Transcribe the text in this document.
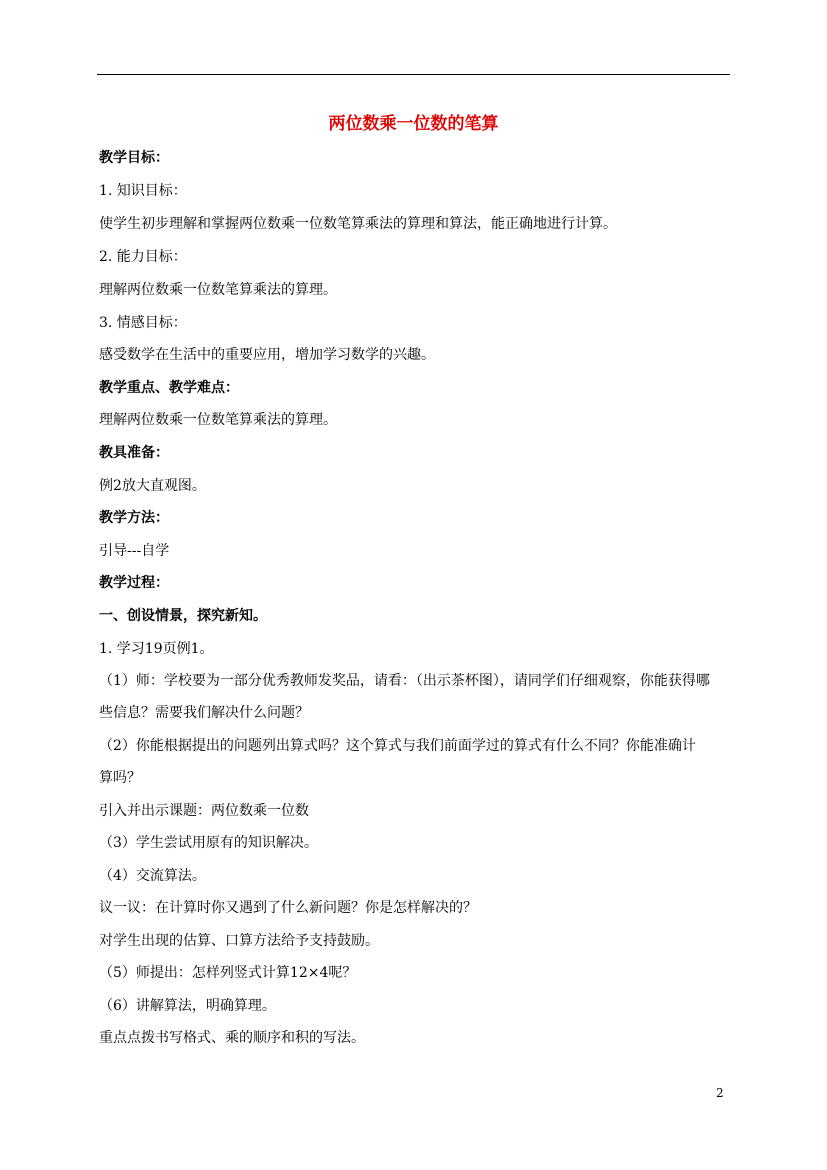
两位数乘一位数的笔算
教学目标：
1. 知识目标：
使学生初步理解和掌握两位数乘一位数笔算乘法的算理和算法，能正确地进行计算。
2. 能力目标：
理解两位数乘一位数笔算乘法的算理。
3. 情感目标：
感受数学在生活中的重要应用，增加学习数学的兴趣。
教学重点、教学难点：
理解两位数乘一位数笔算乘法的算理。
教具准备：
例2放大直观图。
教学方法：
引导---自学
教学过程：
一、创设情景，探究新知。
1. 学习19页例1。
（1）师：学校要为一部分优秀教师发奖品，请看：（出示茶杯图），请同学们仔细观察，你能获得哪
些信息？需要我们解决什么问题？
（2）你能根据提出的问题列出算式吗？这个算式与我们前面学过的算式有什么不同？你能准确计
算吗？
引入并出示课题：两位数乘一位数
（3）学生尝试用原有的知识解决。
（4）交流算法。
议一议：在计算时你又遇到了什么新问题？你是怎样解决的？
对学生出现的估算、口算方法给予支持鼓励。
（5）师提出：怎样列竖式计算12×4呢？
（6）讲解算法，明确算理。
重点点拨书写格式、乘的顺序和积的写法。
2
